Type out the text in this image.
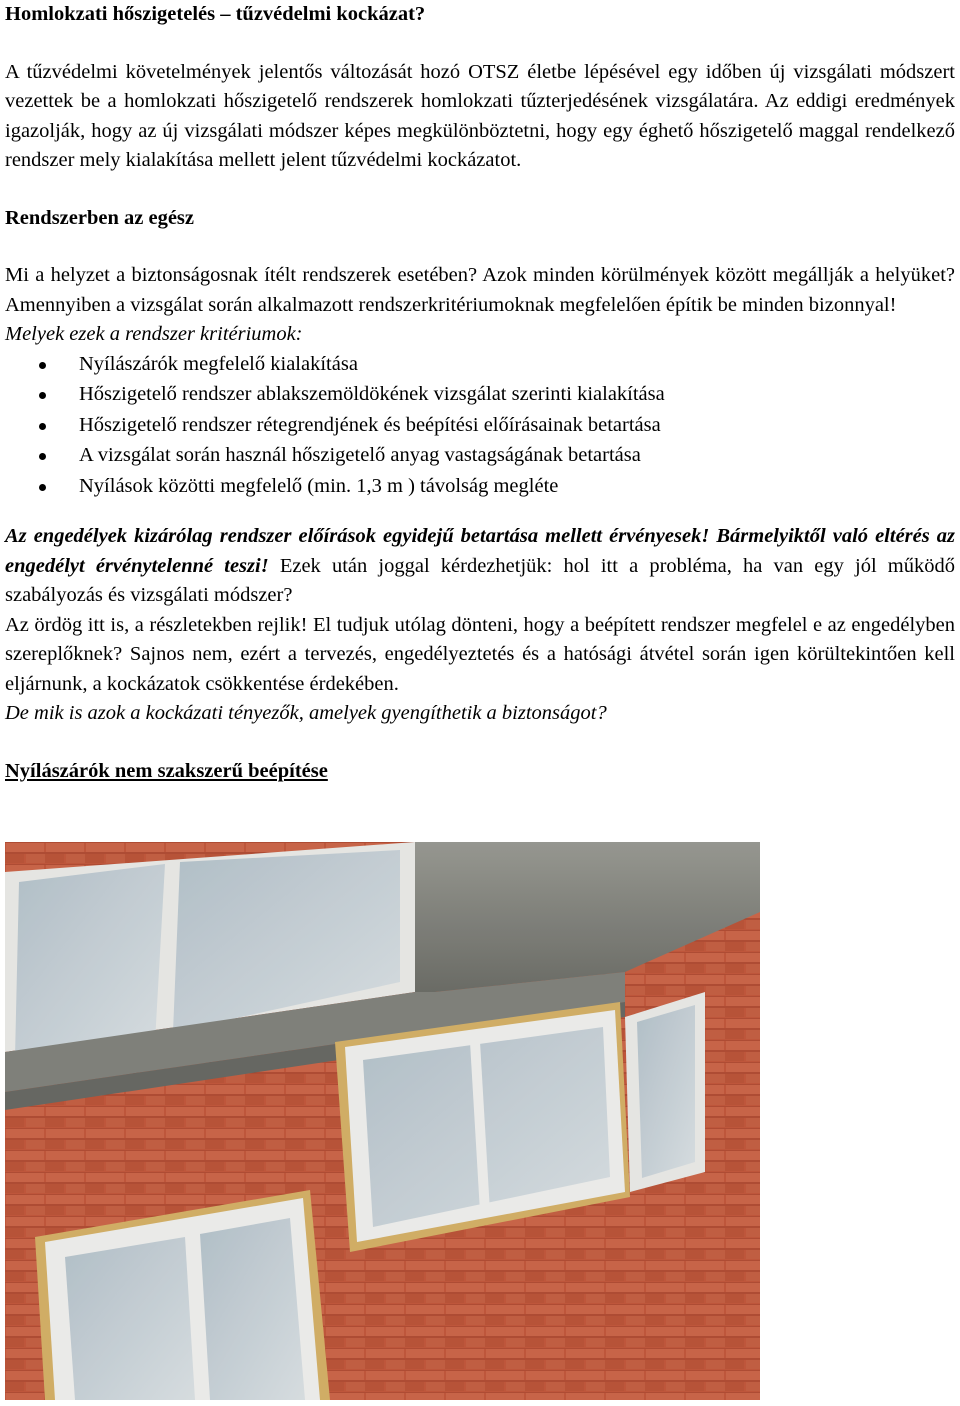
Homlokzati hőszigetelés – tűzvédelmi kockázat?

A tűzvédelmi követelmények jelentős változását hozó OTSZ életbe lépésével egy időben új vizsgálati módszert vezettek be a homlokzati hőszigetelő rendszerek homlokzati tűzterjedésének vizsgálatára. Az eddigi eredmények igazolják, hogy az új vizsgálati módszer képes megkülönböztetni, hogy egy éghető hőszigetelő maggal rendelkező rendszer mely kialakítása mellett jelent tűzvédelmi kockázatot.

Rendszerben az egész

Mi a helyzet a biztonságosnak ítélt rendszerek esetében? Azok minden körülmények között megállják a helyüket? Amennyiben a vizsgálat során alkalmazott rendszerkritériumoknak megfelelően építik be minden bizonnyal!

Melyek ezek a rendszer kritériumok:

Nyílászárók megfelelő kialakítása
Hőszigetelő rendszer ablakszemöldökének vizsgálat szerinti kialakítása
Hőszigetelő rendszer rétegrendjének és beépítési előírásainak betartása
A vizsgálat során használ hőszigetelő anyag vastagságának betartása
Nyílások közötti megfelelő (min. 1,3 m ) távolság megléte

Az engedélyek kizárólag rendszer előírások egyidejű betartása mellett érvényesek! Bármelyiktől való eltérés az engedélyt érvénytelenné teszi! Ezek után joggal kérdezhetjük: hol itt a probléma, ha van egy jól működő szabályozás és vizsgálati módszer?

Az ördög itt is, a részletekben rejlik! El tudjuk utólag dönteni, hogy a beépített rendszer megfelel e az engedélyben szereplőknek? Sajnos nem, ezért a tervezés, engedélyeztetés és a hatósági átvétel során igen körültekintően kell eljárnunk, a kockázatok csökkentése érdekében.

De mik is azok a kockázati tényezők, amelyek gyengíthetik a biztonságot?

Nyílászárók nem szakszerű beépítése
